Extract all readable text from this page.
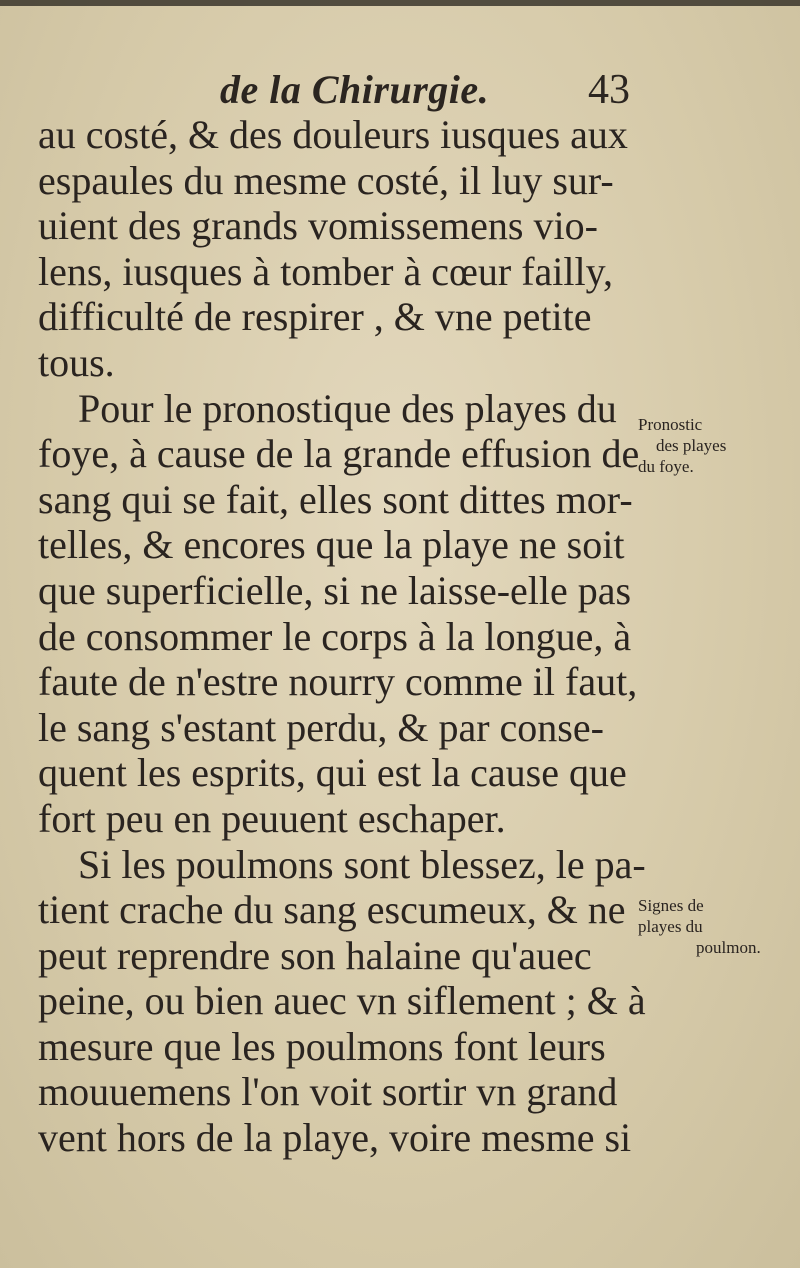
de la Chirurgie. 43
au costé, & des douleurs iusques aux
espaules du mesme costé, il luy sur-
uient des grands vomissemens vio-
lens, iusques à tomber à cœur failly,
difficulté de respirer , & vne petite
tous.
Pour le pronostique des playes du
foye, à cause de la grande effusion de
sang qui se fait, elles sont dittes mor-
telles, & encores que la playe ne soit
que superficielle, si ne laisse-elle pas
de consommer le corps à la longue, à
faute de n'estre nourry comme il faut,
le sang s'estant perdu, & par conse-
quent les esprits, qui est la cause que
fort peu en peuuent eschaper.
Si les poulmons sont blessez, le pa-
tient crache du sang escumeux, & ne
peut reprendre son halaine qu'auec
peine, ou bien auec vn siflement ; & à
mesure que les poulmons font leurs
mouuemens l'on voit sortir vn grand
vent hors de la playe, voire mesme si
Pronostic
des playes
du foye.
Signes de
playes du
poulmon.
